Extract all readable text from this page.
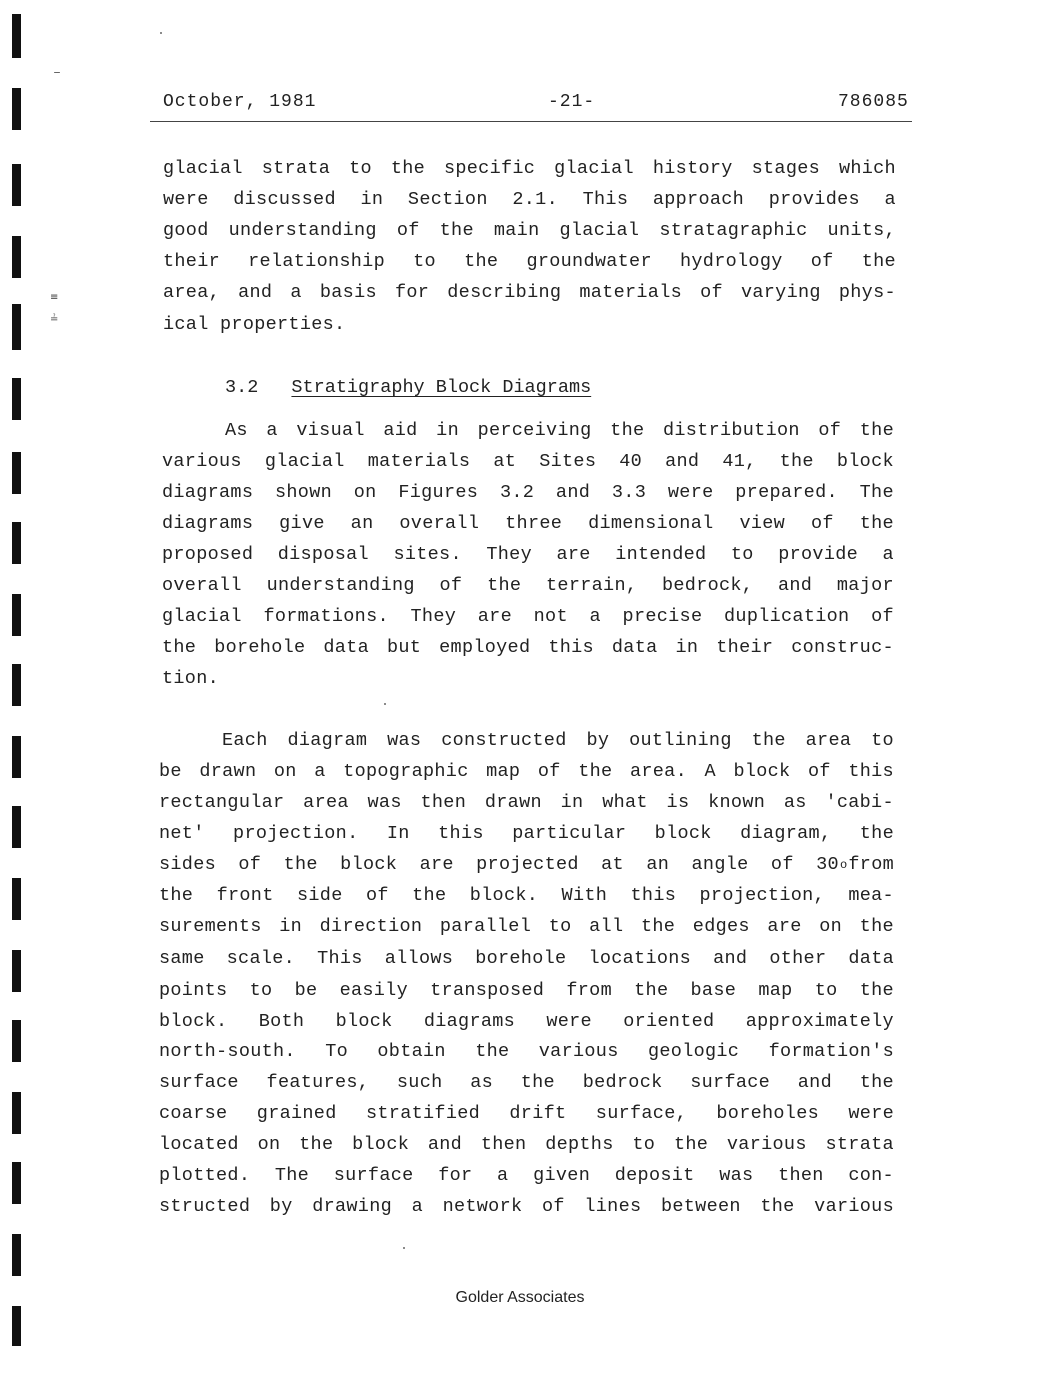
≡
≟
October, 1981	-21-	786085
glacial strata to the specific glacial history stages which
were discussed in Section 2.1. This approach provides a
good understanding of the main glacial stratagraphic units,
their relationship to the groundwater hydrology of the
area, and a basis for describing materials of varying phys-
ical properties.
3.2 Stratigraphy Block Diagrams
As a visual aid in perceiving the distribution of the
various glacial materials at Sites 40 and 41, the block
diagrams shown on Figures 3.2 and 3.3 were prepared. The
diagrams give an overall three dimensional view of the
proposed disposal sites. They are intended to provide a
overall understanding of the terrain, bedrock, and major
glacial formations. They are not a precise duplication of
the borehole data but employed this data in their construc-
tion.
Each diagram was constructed by outlining the area to
be drawn on a topographic map of the area. A block of this
rectangular area was then drawn in what is known as 'cabi-
net' projection. In this particular block diagram, the
sides of the block are projected at an angle of 30 o from
the front side of the block. With this projection, mea-
surements in direction parallel to all the edges are on the
same scale. This allows borehole locations and other data
points to be easily transposed from the base map to the
block. Both block diagrams were oriented approximately
north-south. To obtain the various geologic formation's
surface features, such as the bedrock surface and the
coarse grained stratified drift surface, boreholes were
located on the block and then depths to the various strata
plotted. The surface for a given deposit was then con-
structed by drawing a network of lines between the various
Golder Associates
